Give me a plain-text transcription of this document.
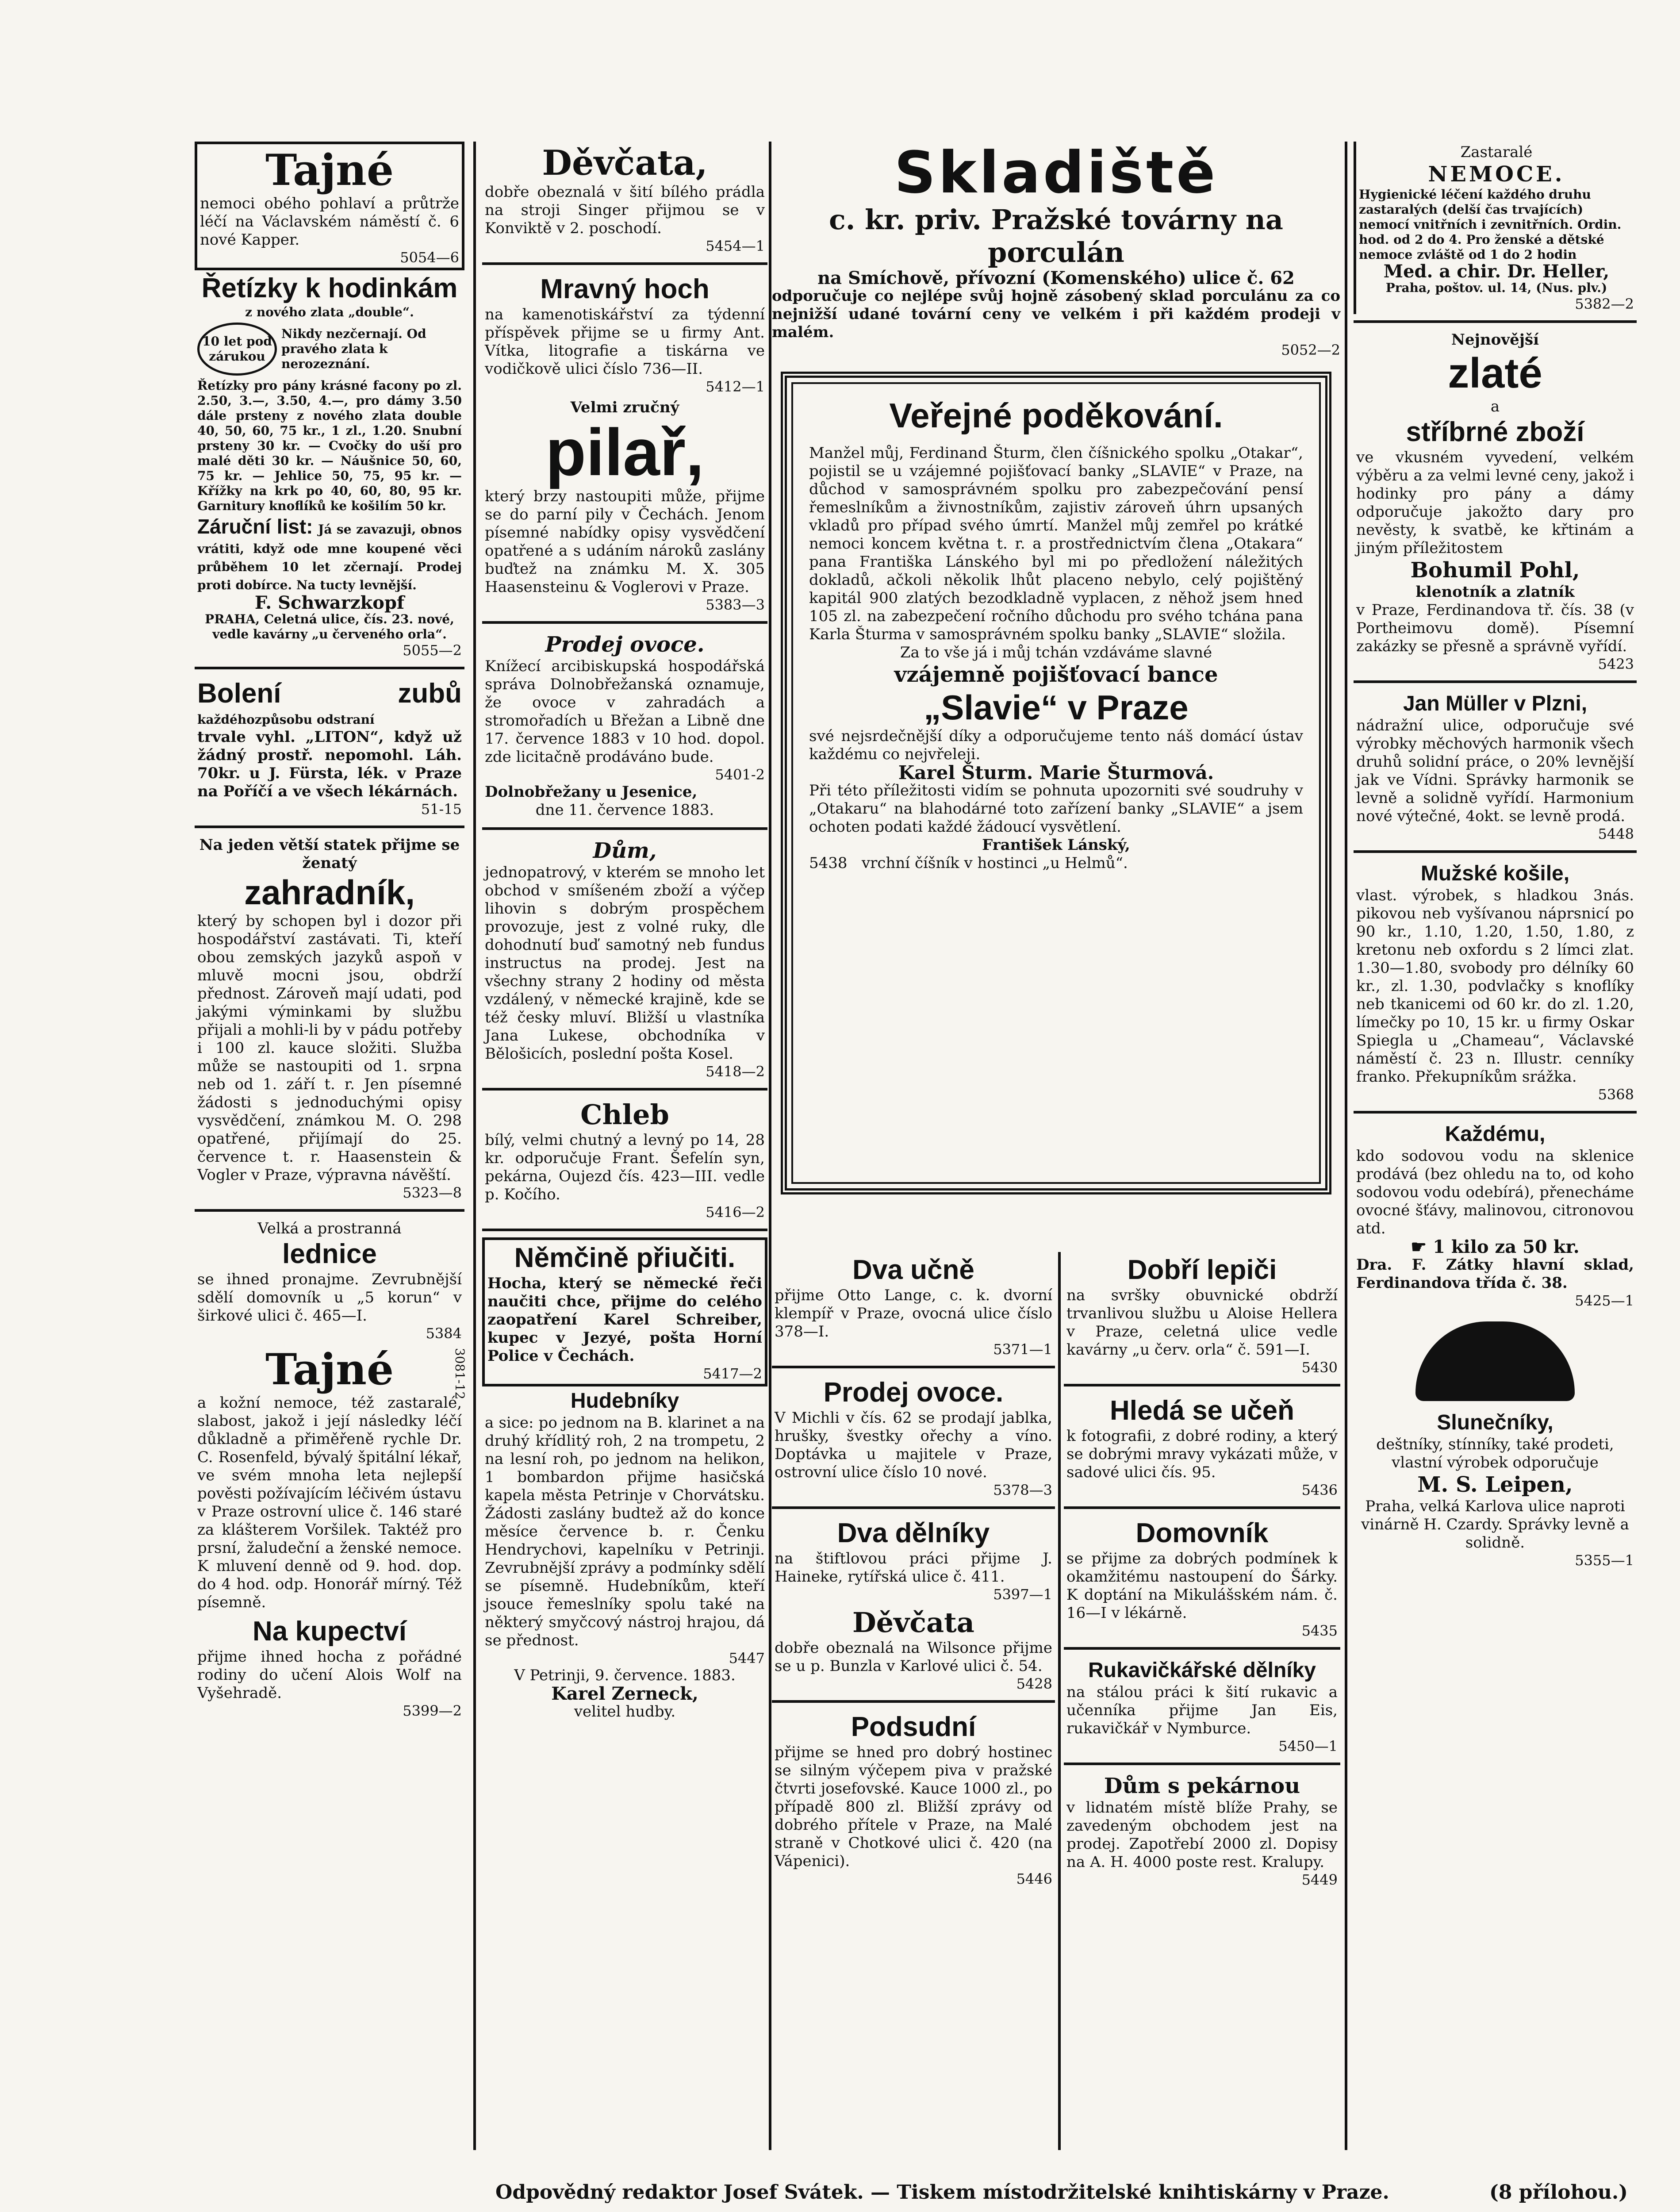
Tajné

nemoci obého pohlaví a průtrže léčí na Václavském náměstí č. 6 nové Kapper.

5054—6

Řetízky k hodinkám

z nového zlata „double“.

10 let pod zárukou

Nikdy nezčernají. Od pravého zlata k nerozeznání.

Řetízky pro pány krásné facony po zl. 2.50, 3.—, 3.50, 4.—, pro dámy 3.50 dále prsteny z nového zlata double 40, 50, 60, 75 kr., 1 zl., 1.20. Snubní prsteny 30 kr. — Cvočky do uší pro malé děti 30 kr. — Náušnice 50, 60, 75 kr. — Jehlice 50, 75, 95 kr. — Křížky na krk po 40, 60, 80, 95 kr. Garnitury knoflíků ke košilím 50 kr.

Záruční list: Já se zavazuji, obnos vrátiti, když ode mne koupené věci průběhem 10 let zčernají. Prodej proti dobírce. Na tucty levnější.

F. Schwarzkopf

PRAHA, Celetná ulice, čís. 23. nové, vedle kavárny „u červeného orla“.

5055—2

Bolení zubů každéhozpůsobu odstraní

trvale vyhl. „LITON“, když už žádný prostř. nepomohl. Láh. 70kr. u J. Fürsta, lék. v Praze na Poříčí a ve všech lékárnách.

51-15

Na jeden větší statek přijme se ženatý

zahradník,

který by schopen byl i dozor při hospodářství zastávati. Ti, kteří obou zemských jazyků aspoň v mluvě mocni jsou, obdrží přednost. Zároveň mají udati, pod jakými výminkami by službu přijali a mohli-li by v pádu potřeby i 100 zl. kauce složiti. Služba může se nastoupiti od 1. srpna neb od 1. září t. r. Jen písemné žádosti s jednoduchými opisy vysvědčení, známkou M. O. 298 opatřené, přijímají do 25. července t. r. Haasenstein & Vogler v Praze, výpravna návěští.

5323—8

Velká a prostranná

lednice

se ihned pronajme. Zevrubnější sdělí domovník u „5 korun“ v širkové ulici č. 465—I.

5384

Tajné

a kožní nemoce, též zastaralé, slabost, jakož i její následky léčí důkladně a přiměřeně rychle Dr. C. Rosenfeld, bývalý špitální lékař, ve svém mnoha leta nejlepší pověsti požívajícím léčivém ústavu v Praze ostrovní ulice č. 146 staré za klášterem Voršilek. Taktéž pro prsní, žaludeční a ženské nemoce. K mluvení denně od 9. hod. dop. do 4 hod. odp. Honorář mírný. Též písemně.

3081-12

Na kupectví

přijme ihned hocha z pořádné rodiny do učení Alois Wolf na Vyšehradě.

5399—2

Děvčata,

dobře obeznalá v šití bílého prádla na stroji Singer přijmou se v Konviktě v 2. poschodí.

5454—1

Mravný hoch

na kamenotiskářství za týdenní příspěvek přijme se u firmy Ant. Vítka, litografie a tiskárna ve vodičkově ulici číslo 736—II.

5412—1

Velmi zručný

pilař,

který brzy nastoupiti může, přijme se do parní pily v Čechách. Jenom písemné nabídky opisy vysvědčení opatřené a s udáním nároků zaslány buďtež na známku M. X. 305 Haasensteinu & Voglerovi v Praze.

5383—3

Prodej ovoce.

Knížecí arcibiskupská hospodářská správa Dolnobřežanská oznamuje, že ovoce v zahradách a stromořadích u Břežan a Libně dne 17. července 1883 v 10 hod. dopol. zde licitačně prodáváno bude.

5401-2

Dolnobřežany u Jesenice,

dne 11. července 1883.

Dům,

jednopatrový, v kterém se mnoho let obchod v smíšeném zboží a výčep lihovin s dobrým prospěchem provozuje, jest z volné ruky, dle dohodnutí buď samotný neb fundus instructus na prodej. Jest na všechny strany 2 hodiny od města vzdálený, v německé krajině, kde se též česky mluví. Bližší u vlastníka Jana Lukese, obchodníka v Bělošicích, poslední pošta Kosel.

5418—2

Chleb

bílý, velmi chutný a levný po 14, 28 kr. odporučuje Frant. Šefelín syn, pekárna, Oujezd čís. 423—III. vedle p. Kočího.

5416—2

Němčině přiučiti.

Hocha, který se německé řeči naučiti chce, přijme do celého zaopatření Karel Schreiber, kupec v Jezyé, pošta Horní Police v Čechách.

5417—2

Hudebníky

a sice: po jednom na B. klarinet a na druhý křídlitý roh, 2 na trompetu, 2 na lesní roh, po jednom na helikon, 1 bombardon přijme hasičská kapela města Petrinje v Chorvátsku. Žádosti zaslány budtež až do konce měsíce července b. r. Čenku Hendrychovi, kapelníku v Petrinji. Zevrubnější zprávy a podmínky sdělí se písemně. Hudebníkům, kteří jsouce řemeslníky spolu také na některý smyčcový nástroj hrajou, dá se přednost.

5447

V Petrinji, 9. července. 1883.

Karel Zerneck,

velitel hudby.

Skladiště

c. kr. priv. Pražské továrny na porculán

na Smíchově, přívozní (Komenského) ulice č. 62

odporučuje co nejlépe svůj hojně zásobený sklad porculánu za co nejnižší udané tovární ceny ve velkém i při každém prodeji v malém.

5052—2

Veřejné poděkování.

Manžel můj, Ferdinand Šturm, člen číšnického spolku „Otakar“, pojistil se u vzájemné pojišťovací banky „SLAVIE“ v Praze, na důchod v samosprávném spolku pro zabezpečování pensí řemeslníkům a živnostníkům, zajistiv zároveň úhrn upsaných vkladů pro případ svého úmrtí. Manžel můj zemřel po krátké nemoci koncem května t. r. a prostřednictvím člena „Otakara“ pana Františka Lánského byl mi po předložení náležitých dokladů, ačkoli několik lhůt placeno nebylo, celý pojištěný kapitál 900 zlatých bezodkladně vyplacen, z něhož jsem hned 105 zl. na zabezpečení ročního důchodu pro svého tchána pana Karla Šturma v samosprávném spolku banky „SLAVIE“ složila.

Za to vše já i můj tchán vzdáváme slavné

vzájemně pojišťovací bance

„Slavie“ v Praze

své nejsrdečnější díky a odporučujeme tento náš domácí ústav každému co nejvřeleji.

Karel Šturm. Marie Šturmová.

Při této příležitosti vidím se pohnuta upozorniti své soudruhy v „Otakaru“ na blahodárné toto zařízení banky „SLAVIE“ a jsem ochoten podati každé žádoucí vysvětlení.

František Lánský,

5438 vrchní číšník v hostinci „u Helmů“.

Dva učně

přijme Otto Lange, c. k. dvorní klempíř v Praze, ovocná ulice číslo 378—I.

5371—1

Prodej ovoce.

V Michli v čís. 62 se prodají jablka, hrušky, švestky ořechy a víno. Doptávka u majitele v Praze, ostrovní ulice číslo 10 nové.

5378—3

Dva dělníky

na štiftlovou práci přijme J. Haineke, rytířská ulice č. 411.

5397—1

Děvčata

dobře obeznalá na Wilsonce přijme se u p. Bunzla v Karlové ulici č. 54.

5428

Podsudní

přijme se hned pro dobrý hostinec se silným výčepem piva v pražské čtvrti josefovské. Kauce 1000 zl., po případě 800 zl. Bližší zprávy od dobrého přítele v Praze, na Malé straně v Chotkové ulici č. 420 (na Vápenici).

5446

Dobří lepiči

na svršky obuvnické obdrží trvanlivou službu u Aloise Hellera v Praze, celetná ulice vedle kavárny „u červ. orla“ č. 591—I.

5430

Hledá se učeň

k fotografii, z dobré rodiny, a který se dobrými mravy vykázati může, v sadové ulici čís. 95.

5436

Domovník

se přijme za dobrých podmínek k okamžitému nastoupení do Šárky. K doptání na Mikulášském nám. č. 16—I v lékárně.

5435

Rukavičkářské dělníky

na stálou práci k šití rukavic a učenníka přijme Jan Eis, rukavičkář v Nymburce.

5450—1

Dům s pekárnou

v lidnatém místě blíže Prahy, se zavedeným obchodem jest na prodej. Zapotřebí 2000 zl. Dopisy na A. H. 4000 poste rest. Kralupy.

5449

Zastaralé

NEMOCE.

Hygienické léčení každého druhu zastaralých (delší čas trvajících) nemocí vnitřních i zevnitřních. Ordin. hod. od 2 do 4. Pro ženské a dětské nemoce zvláště od 1 do 2 hodin

Med. a chir. Dr. Heller,

Praha, poštov. ul. 14, (Nus. plv.)

5382—2

Nejnovější

zlaté

a

stříbrné zboží

ve vkusném vyvedení, velkém výběru a za velmi levné ceny, jakož i hodinky pro pány a dámy odporučuje jakožto dary pro nevěsty, k svatbě, ke křtinám a jiným příležitostem

Bohumil Pohl,

klenotník a zlatník

v Praze, Ferdinandova tř. čís. 38 (v Portheimovu domě). Písemní zakázky se přesně a správně vyřídí.

5423

Jan Müller v Plzni,

nádražní ulice, odporučuje své výrobky měchových harmonik všech druhů solidní práce, o 20% levnější jak ve Vídni. Správky harmonik se levně a solidně vyřídí. Harmonium nové výtečné, 4okt. se levně prodá.

5448

Mužské košile,

vlast. výrobek, s hladkou 3nás. pikovou neb vyšívanou náprsnicí po 90 kr., 1.10, 1.20, 1.50, 1.80, z kretonu neb oxfordu s 2 límci zlat. 1.30—1.80, svobody pro délníky 60 kr., zl. 1.30, podvlačky s knoflíky neb tkanicemi od 60 kr. do zl. 1.20, límečky po 10, 15 kr. u firmy Oskar Spiegla u „Chameau“, Václavské náměstí č. 23 n. Illustr. cenníky franko. Překupníkům srážka.

5368

Každému,

kdo sodovou vodu na sklenice prodává (bez ohledu na to, od koho sodovou vodu odebírá), přenecháme ovocné šťávy, malinovou, citronovou atd.

☛ 1 kilo za 50 kr.

Dra. F. Zátky hlavní sklad, Ferdinandova třída č. 38.

5425—1

Slunečníky,

deštníky, stínníky, také prodeti, vlastní výrobek odporučuje

M. S. Leipen,

Praha, velká Karlova ulice naproti vinárně H. Czardy. Správky levně a solidně.

5355—1

Odpovědný redaktor Josef Svátek. — Tiskem místodržitelské knihtiskárny v Praze.	(8 přílohou.)
